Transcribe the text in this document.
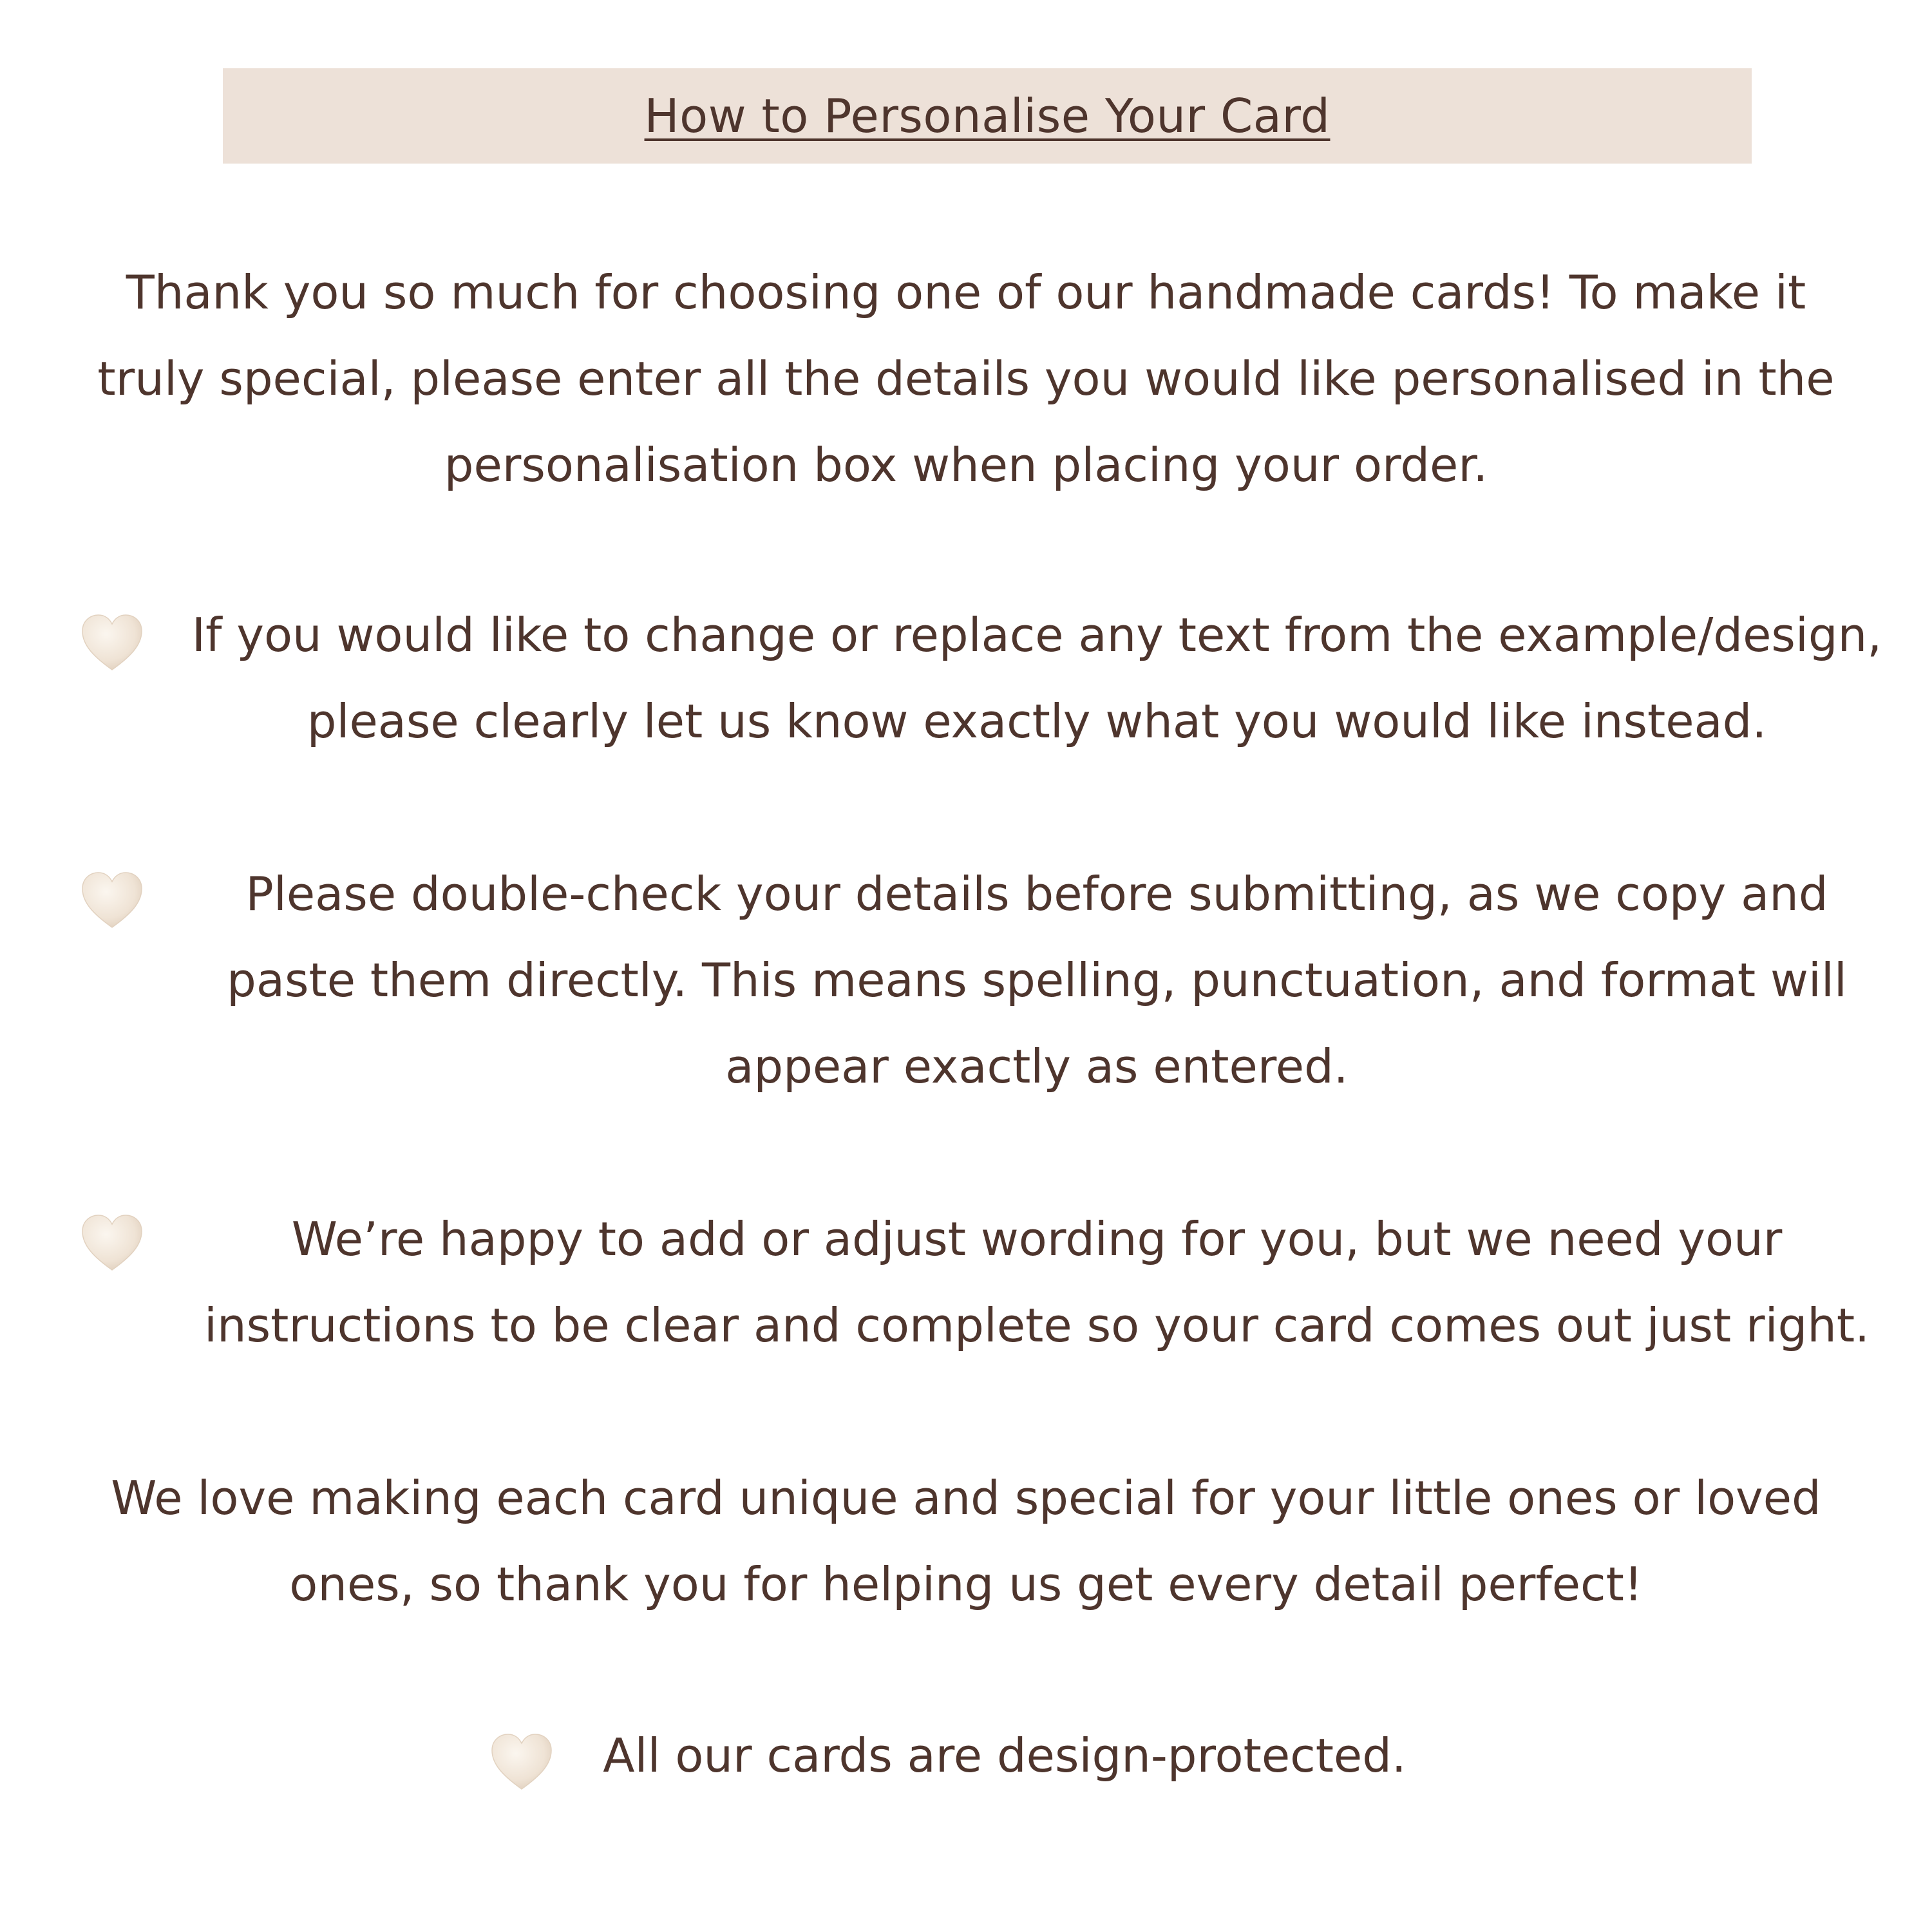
How to Personalise Your Card
Thank you so much for choosing one of our handmade cards! To make it
truly special, please enter all the details you would like personalised in the
personalisation box when placing your order.
If you would like to change or replace any text from the example/design,
please clearly let us know exactly what you would like instead.
Please double-check your details before submitting, as we copy and
paste them directly. This means spelling, punctuation, and format will
appear exactly as entered.
We’re happy to add or adjust wording for you, but we need your
instructions to be clear and complete so your card comes out just right.
We love making each card unique and special for your little ones or loved
ones, so thank you for helping us get every detail perfect!
All our cards are design-protected.
